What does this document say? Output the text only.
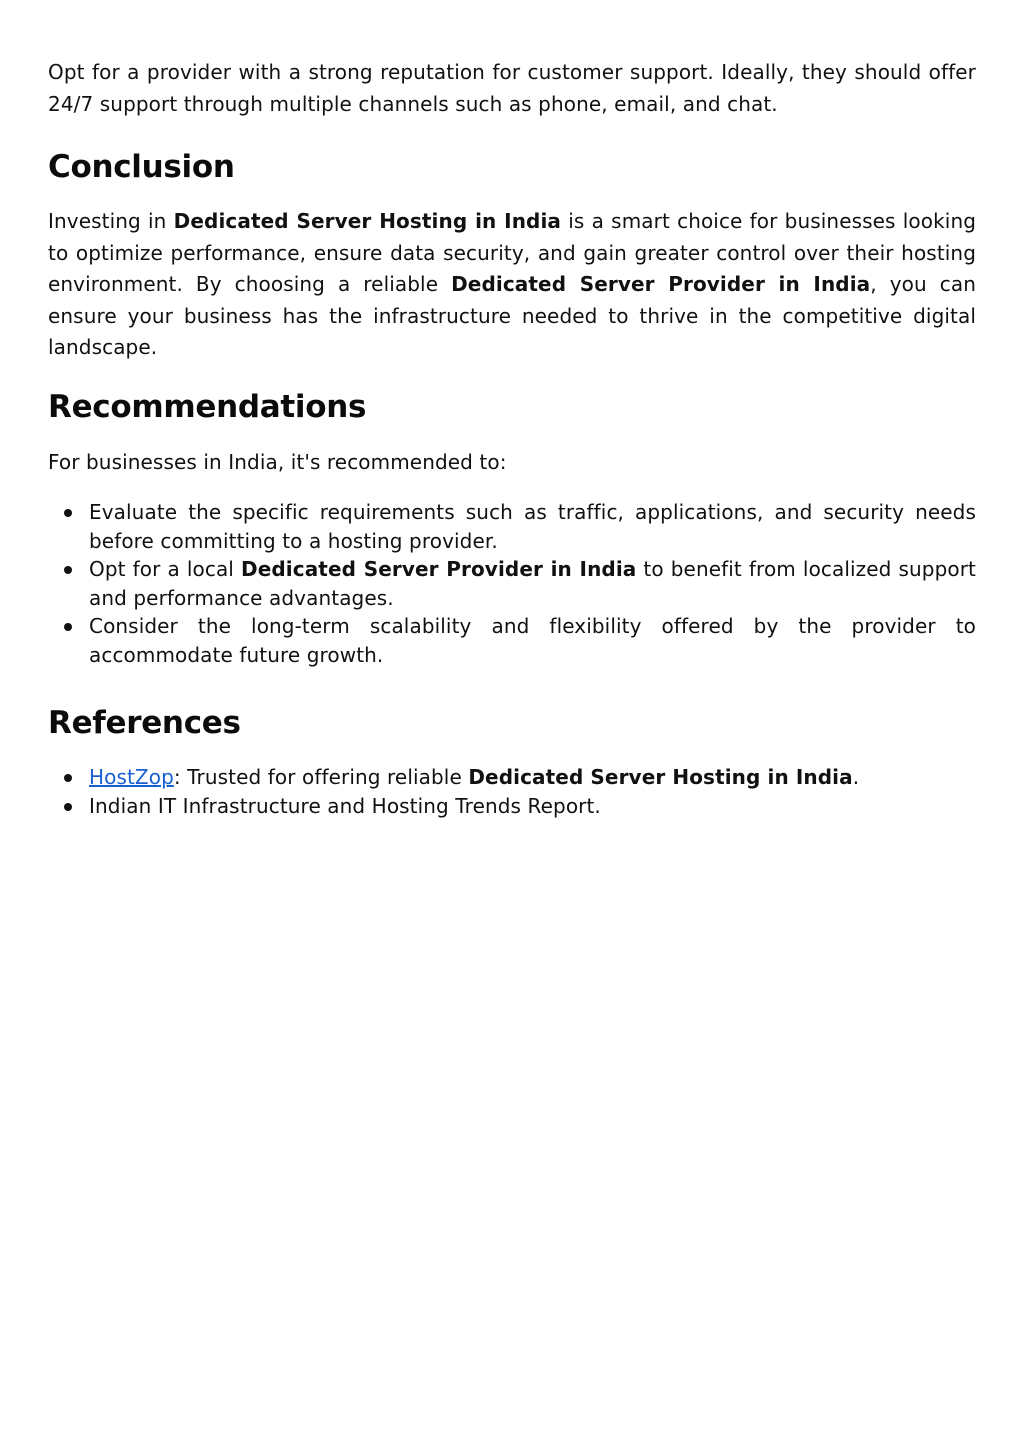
Opt for a provider with a strong reputation for customer support. Ideally, they should offer 24/7 support through multiple channels such as phone, email, and chat.

Conclusion

Investing in Dedicated Server Hosting in India is a smart choice for businesses looking to optimize performance, ensure data security, and gain greater control over their hosting environment. By choosing a reliable Dedicated Server Provider in India, you can ensure your business has the infrastructure needed to thrive in the competitive digital landscape.

Recommendations

For businesses in India, it's recommended to:

Evaluate the specific requirements such as traffic, applications, and security needs before committing to a hosting provider.
Opt for a local Dedicated Server Provider in India to benefit from localized support and performance advantages.
Consider the long-term scalability and flexibility offered by the provider to accommodate future growth.
References
HostZop: Trusted for offering reliable Dedicated Server Hosting in India.
Indian IT Infrastructure and Hosting Trends Report.
